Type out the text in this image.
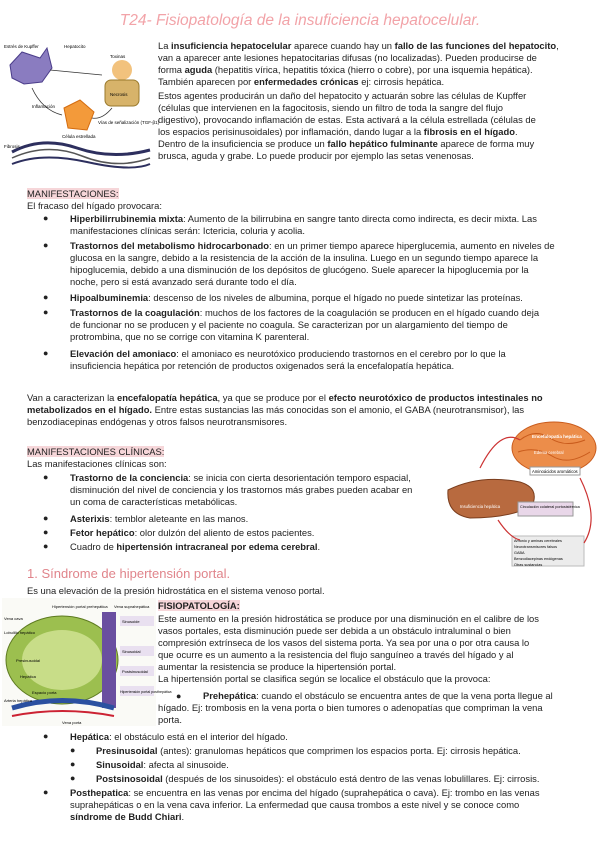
T24- Fisiopatología de la insuficiencia hepatocelular.
Estrés de Kupffer	Hepatocito
Toxinas
Necrosis
Inflamación
Vías de señalización (TGF-β1)
Fibrosis
Célula estrellada
La insuficiencia hepatocelular aparece cuando hay un fallo de las funciones del hepatocito,
van a aparecer ante lesiones hepatocitarias difusas (no localizadas). Pueden producirse de
forma aguda (hepatitis vírica, hepatitis tóxica (hierro o cobre), por una isquemia hepática).
También aparecen por enfermedades crónicas ej: cirrosis hepática.
Estos agentes producirán un daño del hepatocito y actuarán sobre las células de Kupffer
(células que intervienen en la fagocitosis, siendo un filtro de toda la sangre del flujo
digestivo), provocando inflamación de estas. Esta activará a la célula estrellada (células de
los espacios perisinusoidales) por inflamación, dando lugar a la fibrosis en el hígado.
Dentro de la insuficiencia se produce un fallo hepático fulminante aparece de forma muy
brusca, aguda y grabe. Lo puede producir por ejemplo las setas venenosas.
MANIFESTACIONES:
El fracaso del hígado provocara:
● Hiperbilirrubinemia mixta: Aumento de la bilirrubina en sangre tanto directa como indirecta, es decir mixta. Las
manifestaciones clínicas serán: Ictericia, coluria y acolia.
● Trastornos del metabolismo hidrocarbonado: en un primer tiempo aparece hiperglucemia, aumento en niveles de
glucosa en la sangre, debido a la resistencia de la acción de la insulina. Luego en un segundo tiempo aparece la
hipoglucemia, debido a una disminución de los depósitos de glucógeno. Suele aparecer la hipoglucemia por la
noche, pero si está avanzado será durante todo el día.
● Hipoalbuminemia: descenso de los niveles de albumina, porque el hígado no puede sintetizar las proteínas.
● Trastornos de la coagulación: muchos de los factores de la coagulación se producen en el hígado cuando deja
de funcionar no se producen y el paciente no coagula. Se caracterizan por un alargamiento del tiempo de
protrombina, que no se corrige con vitamina K parenteral.
● Elevación del amoniaco: el amoniaco es neurotóxico produciendo trastornos en el cerebro por lo que la
insuficiencia hepática por retención de productos oxigenados será la encefalopatía hepática.
Van a caracterizan la encefalopatía hepática, ya que se produce por el efecto neurotóxico de productos intestinales no
metabolizados en el hígado. Entre estas sustancias las más conocidas son el amonio, el GABA (neurotransmisor), las
benzodiacepinas endógenas y otros falsos neurotransmisores.
MANIFESTACIONES CLÍNICAS:
Las manifestaciones clínicas son:
● Trastorno de la conciencia: se inicia con cierta desorientación temporo espacial,
disminución del nivel de conciencia y los trastornos más grabes pueden acabar en
un coma de características metabólicas.
● Asterixis: temblor aleteante en las manos.
● Fetor hepático: olor dulzón del aliento de estos pacientes.
● Cuadro de hipertensión intracraneal por edema cerebral.
Encefalopatía hepática
Edema cerebral
Aminoácidos aromáticos
Insuficiencia hepática	Circulación colateral portosistémica
Amonio y aminas cerebrales
Neurotransmisores falsos
GABA
Benzodiacepinas endógenas
Otras sustancias
1. Síndrome de hipertensión portal.
Es una elevación de la presión hidrostática en el sistema venoso portal.
Hipertensión portal prehepática
Vena cava
Lobulillo hepático
Presinusoidal
Sinusoidal
Postsinusoidal
Hepática
Espacio porta
Arteria hepática
Vena porta
Vena suprahepática
Hipertensión portal posthepática
Sinusoide
FISIOPATOLOGÍA:
Este aumento en la presión hidrostática se produce por una disminución en el calibre de los
vasos portales, esta disminución puede ser debida a un obstáculo intraluminal o bien
compresión extrínseca de los vasos del sistema porta. Ya sea por una o por otra causa lo
que ocurre es un aumento a la resistencia del flujo sanguíneo a través del hígado y al
aumentar la resistencia se produce la hipertensión portal.
La hipertensión portal se clasifica según se localice el obstáculo que la provoca:
● Prehepática: cuando el obstáculo se encuentra antes de que la vena porta llegue al
hígado. Ej: trombosis en la vena porta o bien tumores o adenopatías que compriman la vena
porta.
● Hepática: el obstáculo está en el interior del hígado.
● Presinusoidal (antes): granulomas hepáticos que comprimen los espacios porta. Ej: cirrosis hepática.
● Sinusoidal: afecta al sinusoide.
● Postsinosoidal (después de los sinusoides): el obstáculo está dentro de las venas lobulillares. Ej: cirrosis.
● Posthepatica: se encuentra en las venas por encima del hígado (suprahepática o cava). Ej: trombo en las venas
suprahepáticas o en la vena cava inferior. La enfermedad que causa trombos a este nivel y se conoce como
síndrome de Budd Chiari.
